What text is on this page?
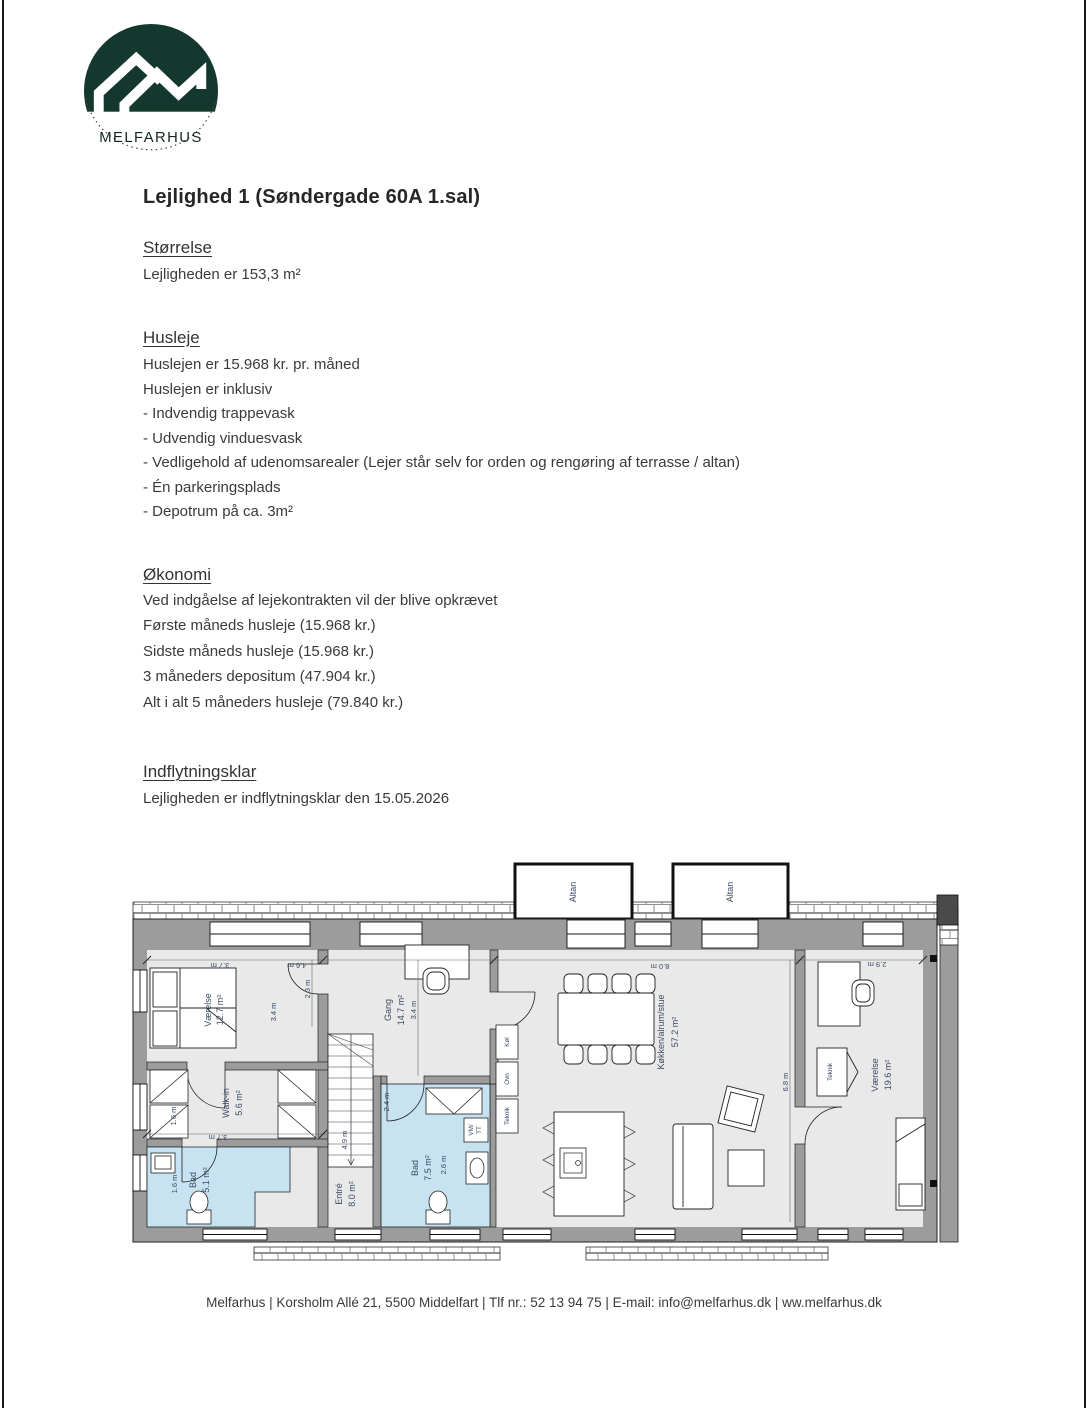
MELFARHUS
Lejlighed 1 (Søndergade 60A 1.sal)
Størrelse
Lejligheden er 153,3 m²
Husleje
Huslejen er 15.968 kr. pr. måned
Huslejen er inklusiv
- Indvendig trappevask
- Udvendig vinduesvask
- Vedligehold af udenomsarealer (Lejer står selv for orden og rengøring af terrasse / altan)
- Én parkeringsplads
- Depotrum på ca. 3m²
Økonomi
Ved indgåelse af lejekontrakten vil der blive opkrævet
Første måneds husleje (15.968 kr.)
Sidste måneds husleje (15.968 kr.)
3 måneders depositum (47.904 kr.)
Alt i alt 5 måneders husleje (79.840 kr.)
Indflytningsklar
Lejligheden er indflytningsklar den 15.05.2026
Altan	Altan
Værelse 12.7 m²
Walk-in 5.6 m²
Bad 5.1 m²
Gang 14.7 m²
Entré 8.0 m²
Bad 7.5 m²
Køkken/alrum/stue 57.2 m²
Værelse 19.6 m²
Køl
Ovn
Teknik
VM/ TT
Teknik
3.7 m	4.6 m	8.0 m	2.9 m
2.3 m
3.4 m
3.4 m
1.6 m
3.7 m
1.6 m
4.9 m
2.4 m
2.6 m
6.8 m
Melfarhus | Korsholm Allé 21, 5500 Middelfart | Tlf nr.: 52 13 94 75 | E-mail: info@melfarhus.dk | ww.melfarhus.dk
